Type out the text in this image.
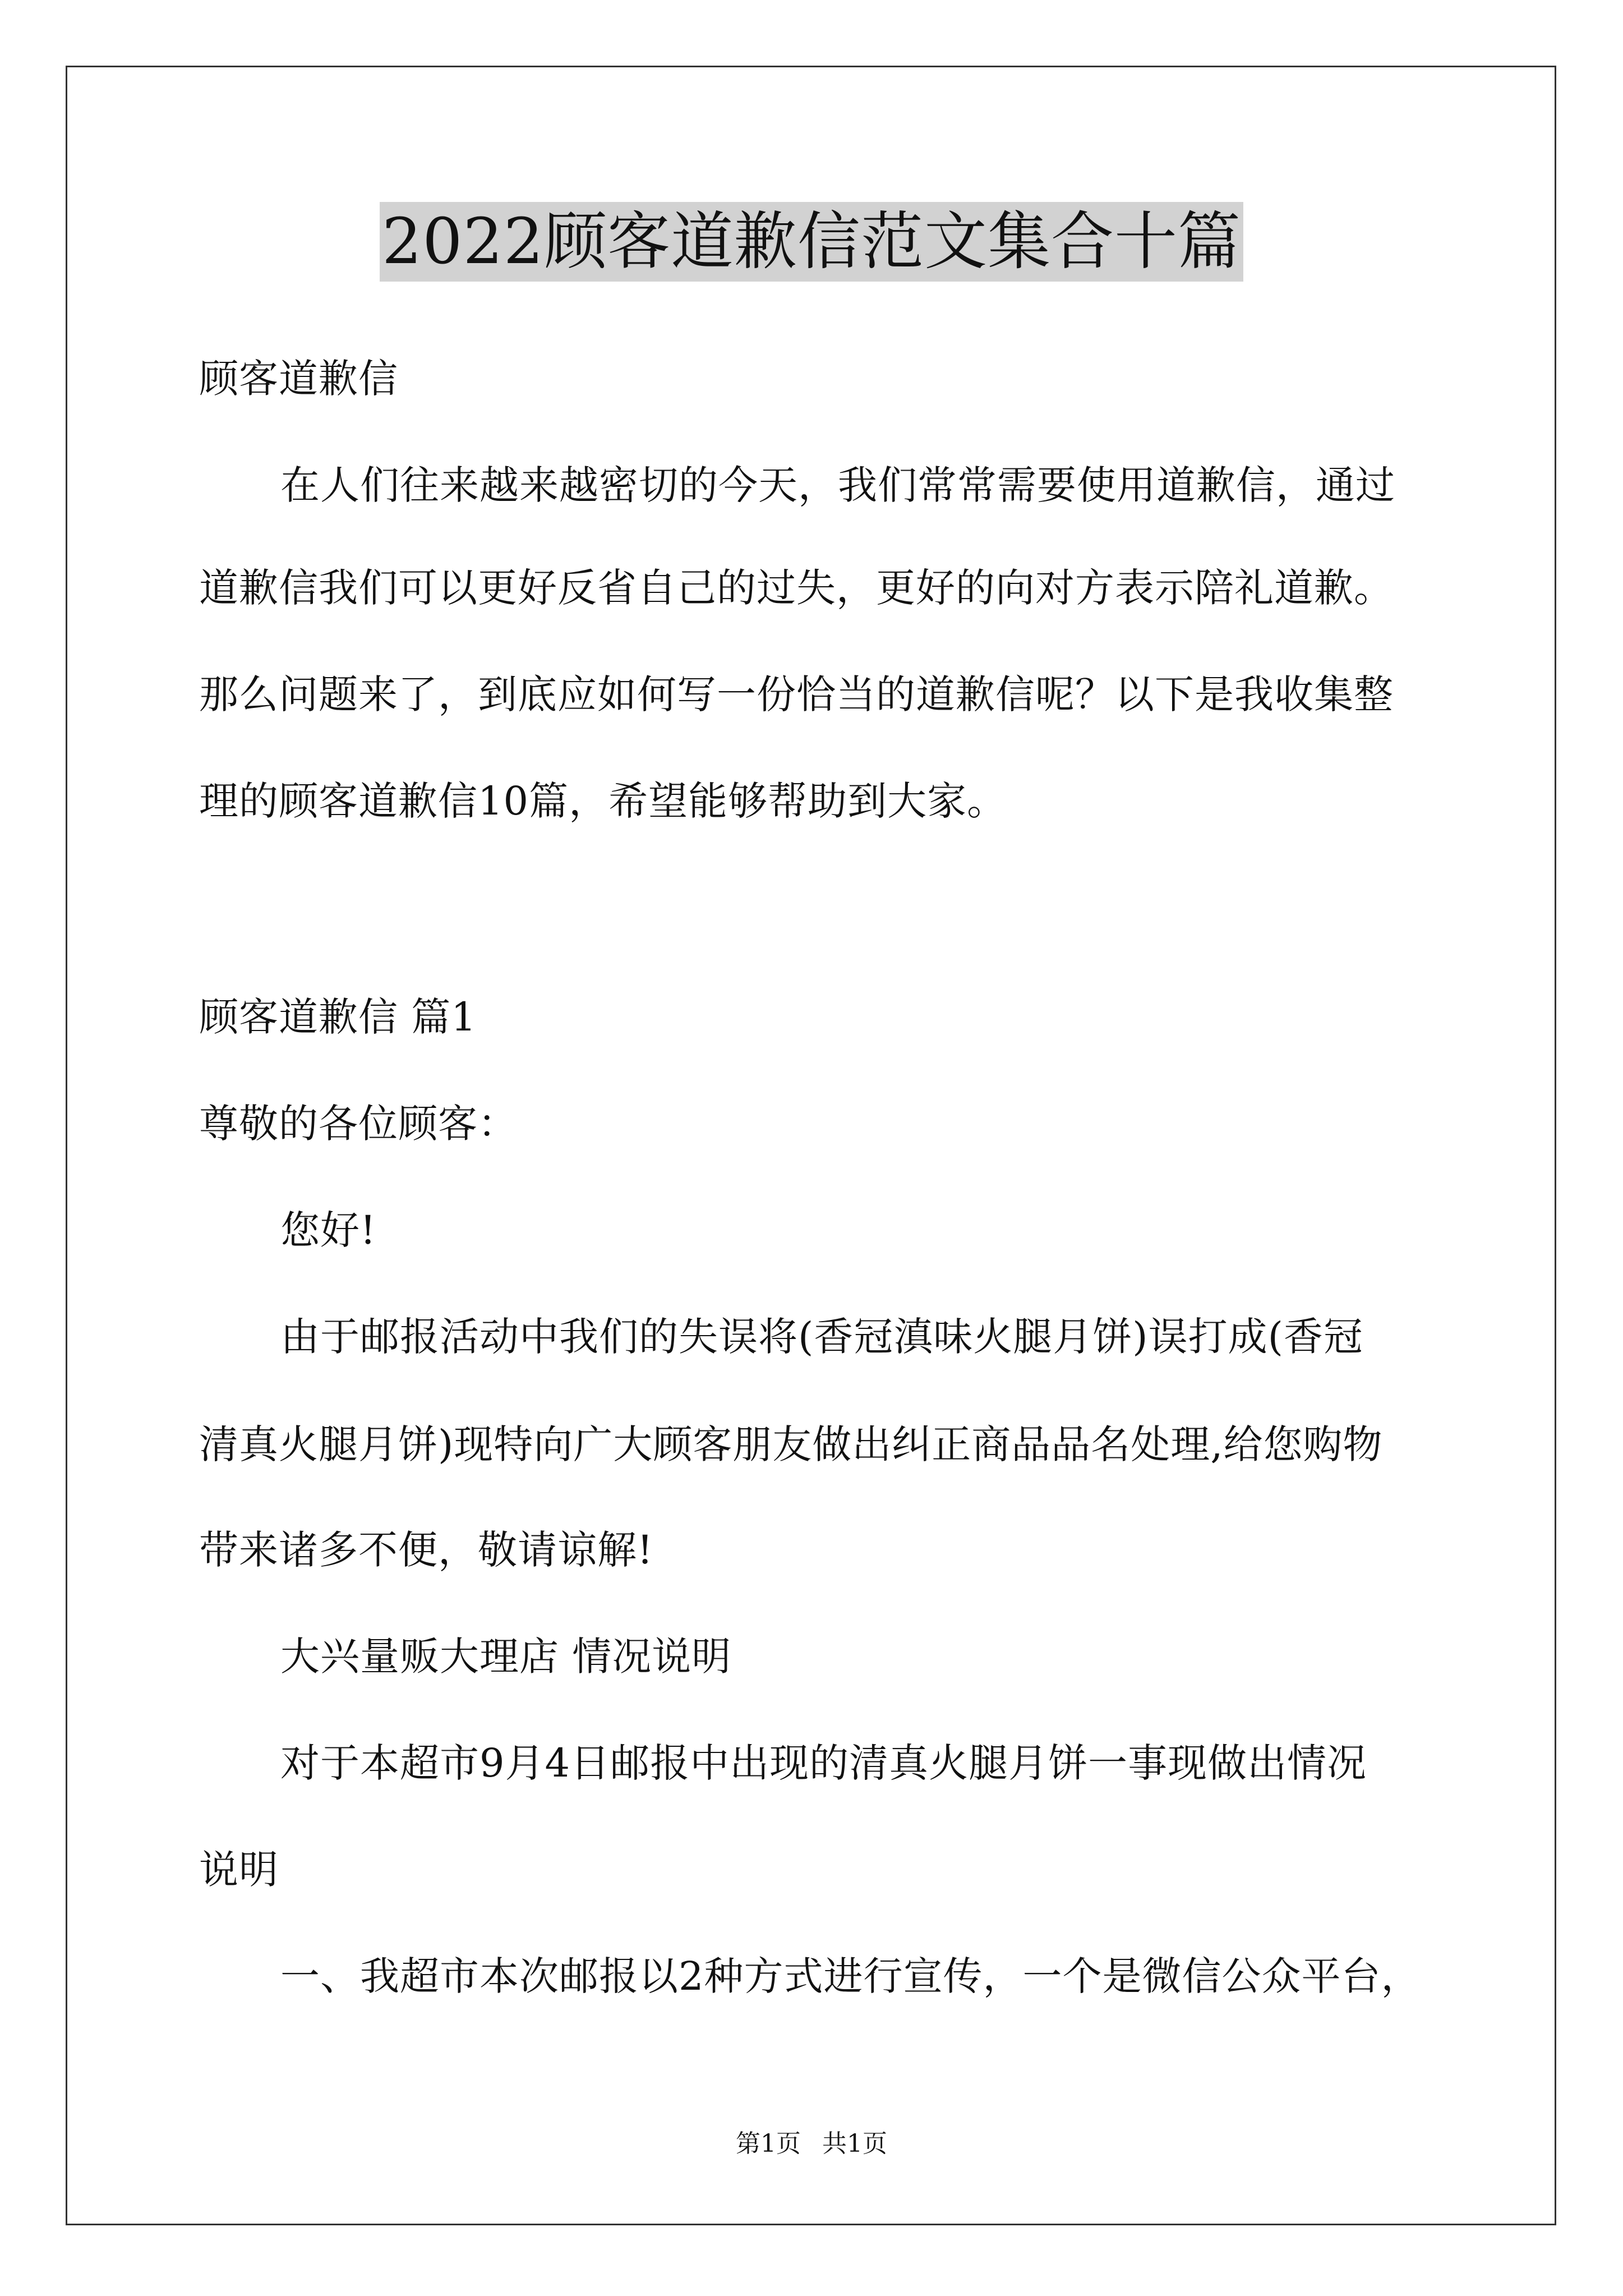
2022顾客道歉信范文集合十篇
顾客道歉信
在人们往来越来越密切的今天，我们常常需要使用道歉信，通过
道歉信我们可以更好反省自己的过失，更好的向对方表示陪礼道歉。
那么问题来了，到底应如何写一份恰当的道歉信呢？以下是我收集整
理的顾客道歉信10篇，希望能够帮助到大家。
顾客道歉信 篇1
尊敬的各位顾客：
您好!
由于邮报活动中我们的失误将(香冠滇味火腿月饼)误打成(香冠
清真火腿月饼)现特向广大顾客朋友做出纠正商品品名处理,给您购物
带来诸多不便，敬请谅解!
大兴量贩大理店 情况说明
对于本超市9月4日邮报中出现的清真火腿月饼一事现做出情况
说明
一、我超市本次邮报以2种方式进行宣传，一个是微信公众平台，
第1页 共1页
